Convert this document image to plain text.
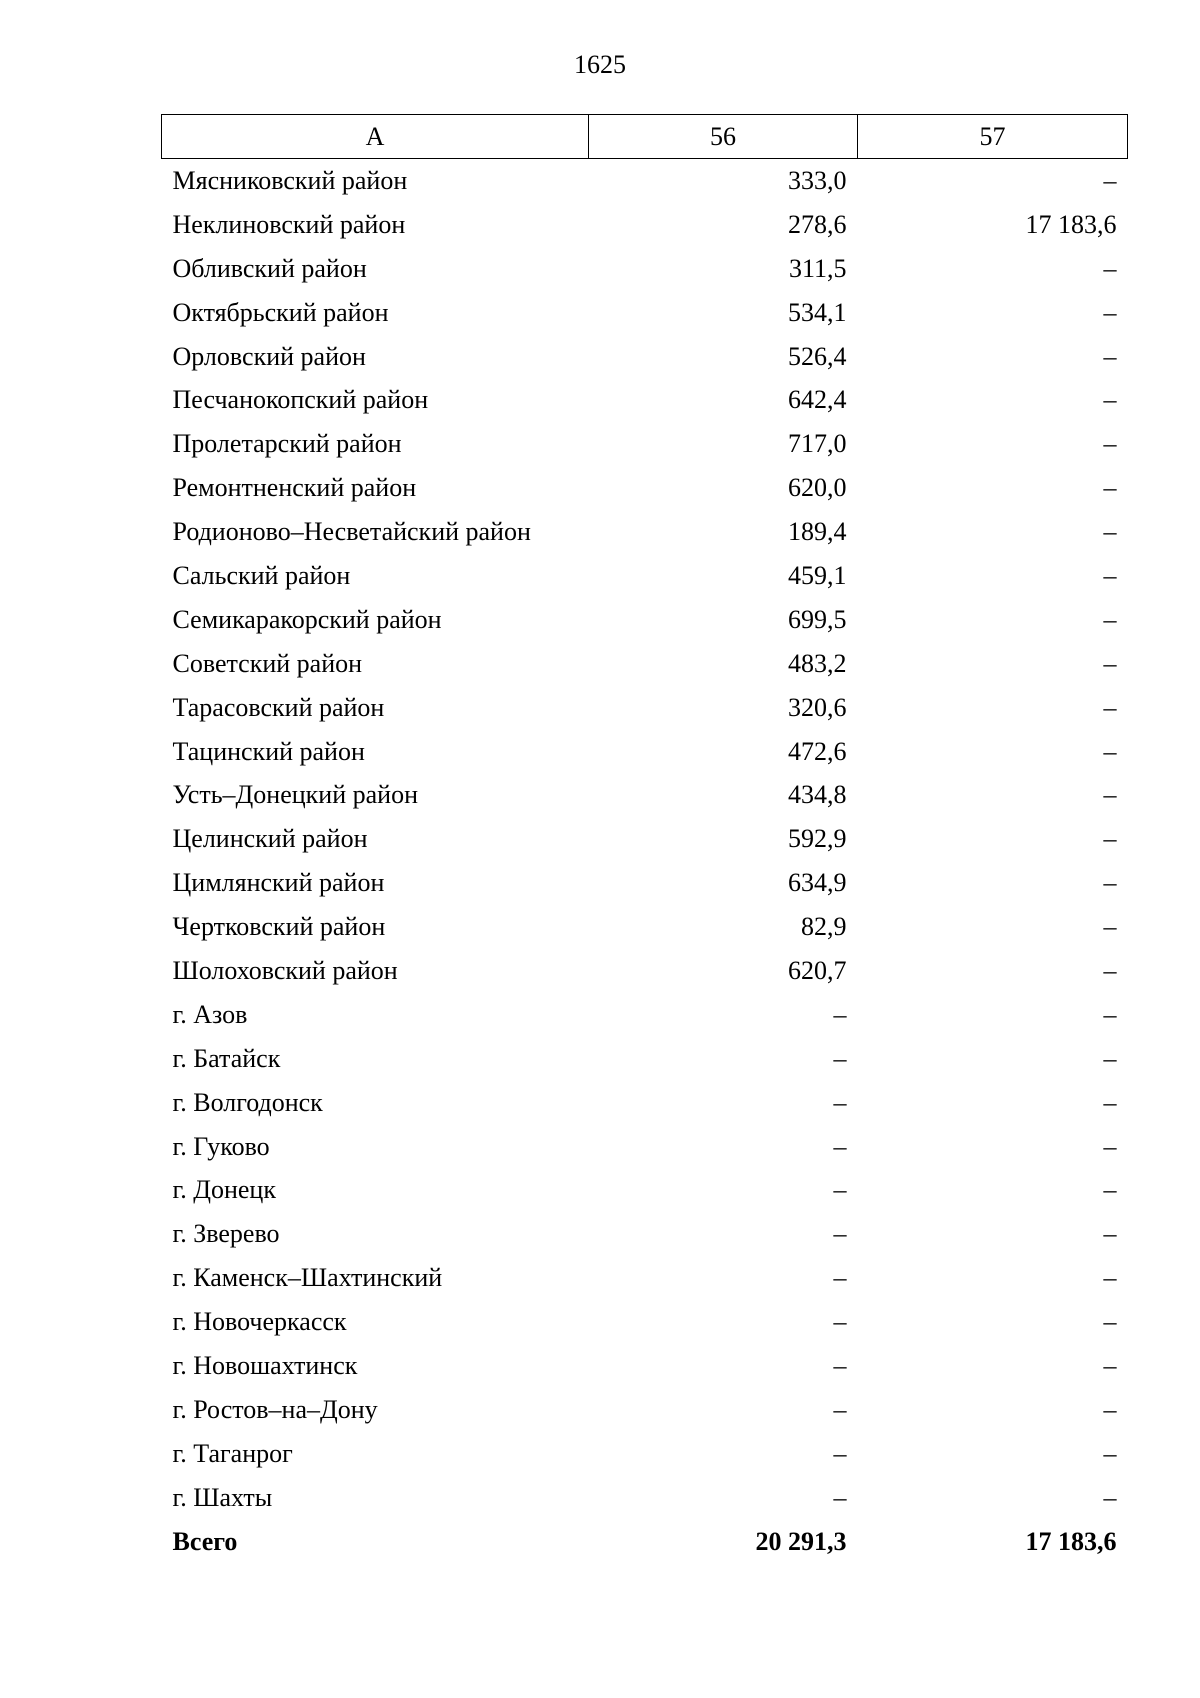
1625
А	56	57
Мясниковский район	333,0	–
Неклиновский район	278,6	17 183,6
Обливский район	311,5	–
Октябрьский район	534,1	–
Орловский район	526,4	–
Песчанокопский район	642,4	–
Пролетарский район	717,0	–
Ремонтненский район	620,0	–
Родионово–Несветайский район	189,4	–
Сальский район	459,1	–
Семикаракорский район	699,5	–
Советский район	483,2	–
Тарасовский район	320,6	–
Тацинский район	472,6	–
Усть–Донецкий район	434,8	–
Целинский район	592,9	–
Цимлянский район	634,9	–
Чертковский район	82,9	–
Шолоховский район	620,7	–
г. Азов	–	–
г. Батайск	–	–
г. Волгодонск	–	–
г. Гуково	–	–
г. Донецк	–	–
г. Зверево	–	–
г. Каменск–Шахтинский	–	–
г. Новочеркасск	–	–
г. Новошахтинск	–	–
г. Ростов–на–Дону	–	–
г. Таганрог	–	–
г. Шахты	–	–
Всего	20 291,3	17 183,6
